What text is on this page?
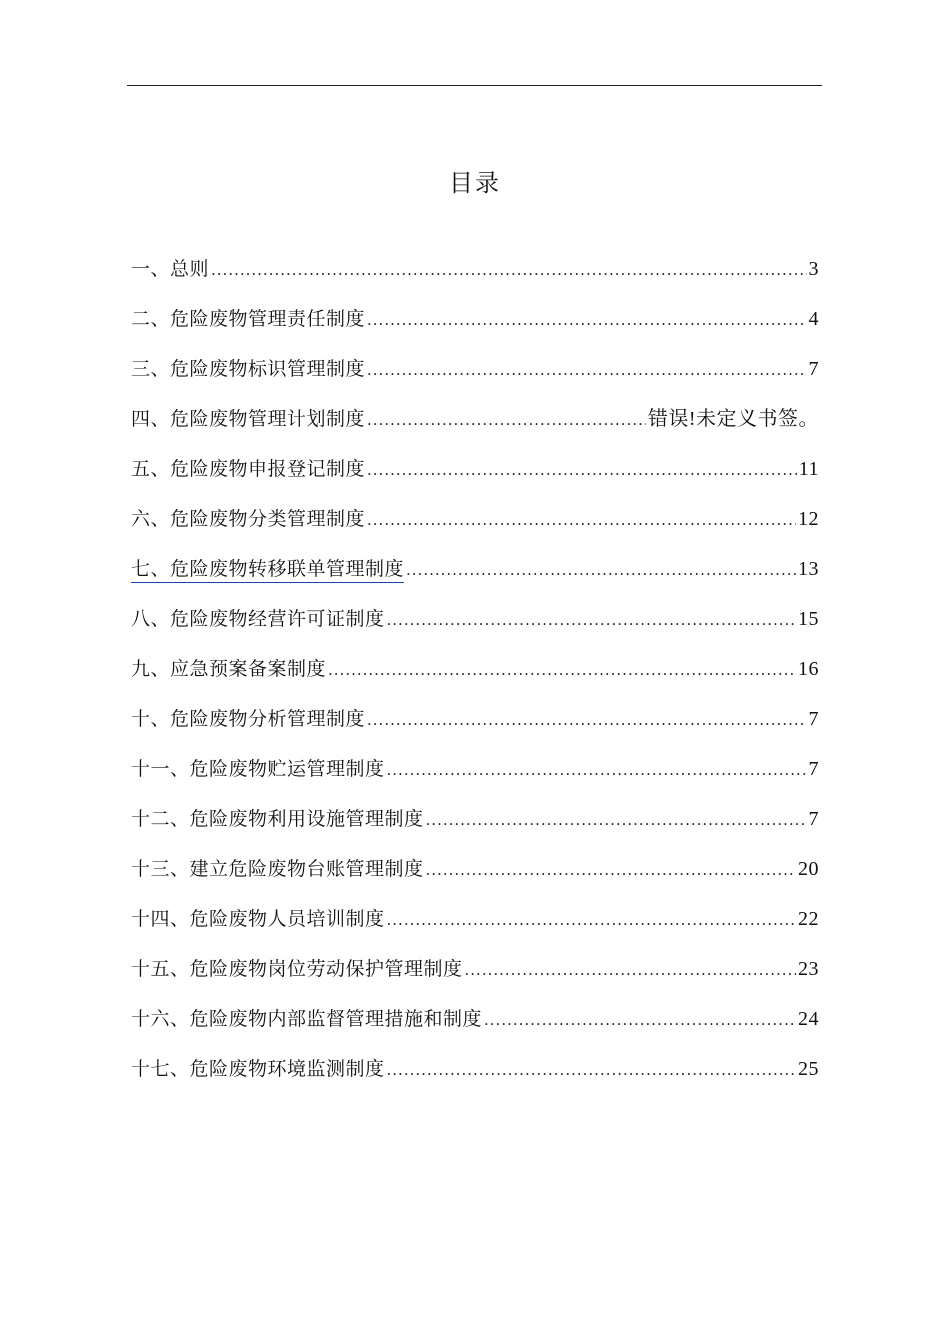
目录
一、总则 .....	3
二、危险废物管理责任制度 .....	4
三、危险废物标识管理制度 .....	7
四、危险废物管理计划制度 .....	错误!未定义书签。
五、危险废物申报登记制度 .....	11
六、危险废物分类管理制度 .....	12
七、危险废物转移联单管理制度 .....	13
八、危险废物经营许可证制度 .....	15
九、应急预案备案制度 .....	16
十、危险废物分析管理制度 .....	7
十一、危险废物贮运管理制度 .....	7
十二、危险废物利用设施管理制度 .....	7
十三、建立危险废物台账管理制度 .....	20
十四、危险废物人员培训制度 .....	22
十五、危险废物岗位劳动保护管理制度 .....	23
十六、危险废物内部监督管理措施和制度 .....	24
十七、危险废物环境监测制度 .....	25
